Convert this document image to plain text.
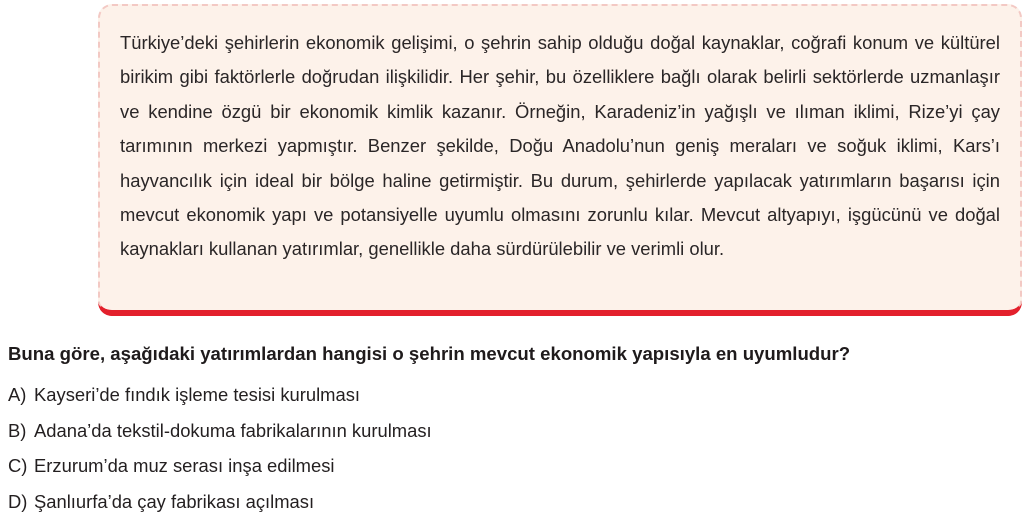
Türkiye’deki şehirlerin ekonomik gelişimi, o şehrin sahip olduğu doğal kaynaklar, coğrafi konum ve kültürel birikim gibi faktörlerle doğrudan ilişkilidir. Her şehir, bu özelliklere bağlı olarak belirli sektörlerde uzmanlaşır ve kendine özgü bir ekonomik kimlik kazanır. Örneğin, Karadeniz’in yağışlı ve ılıman iklimi, Rize’yi çay tarımının merkezi yapmıştır. Benzer şekilde, Doğu Anadolu’nun geniş meraları ve soğuk iklimi, Kars’ı hayvancılık için ideal bir bölge haline getirmiştir. Bu durum, şehirlerde yapılacak yatırımların başarısı için mevcut ekonomik yapı ve potansiyelle uyumlu olmasını zorunlu kılar. Mevcut altyapıyı, işgücünü ve doğal kaynakları kullanan yatırımlar, genellikle daha sürdürülebilir ve verimli olur.

Buna göre, aşağıdaki yatırımlardan hangisi o şehrin mevcut ekonomik yapısıyla en uyumludur?

A) Kayseri’de fındık işleme tesisi kurulması
B) Adana’da tekstil-dokuma fabrikalarının kurulması
C) Erzurum’da muz serası inşa edilmesi
D) Şanlıurfa’da çay fabrikası açılması
